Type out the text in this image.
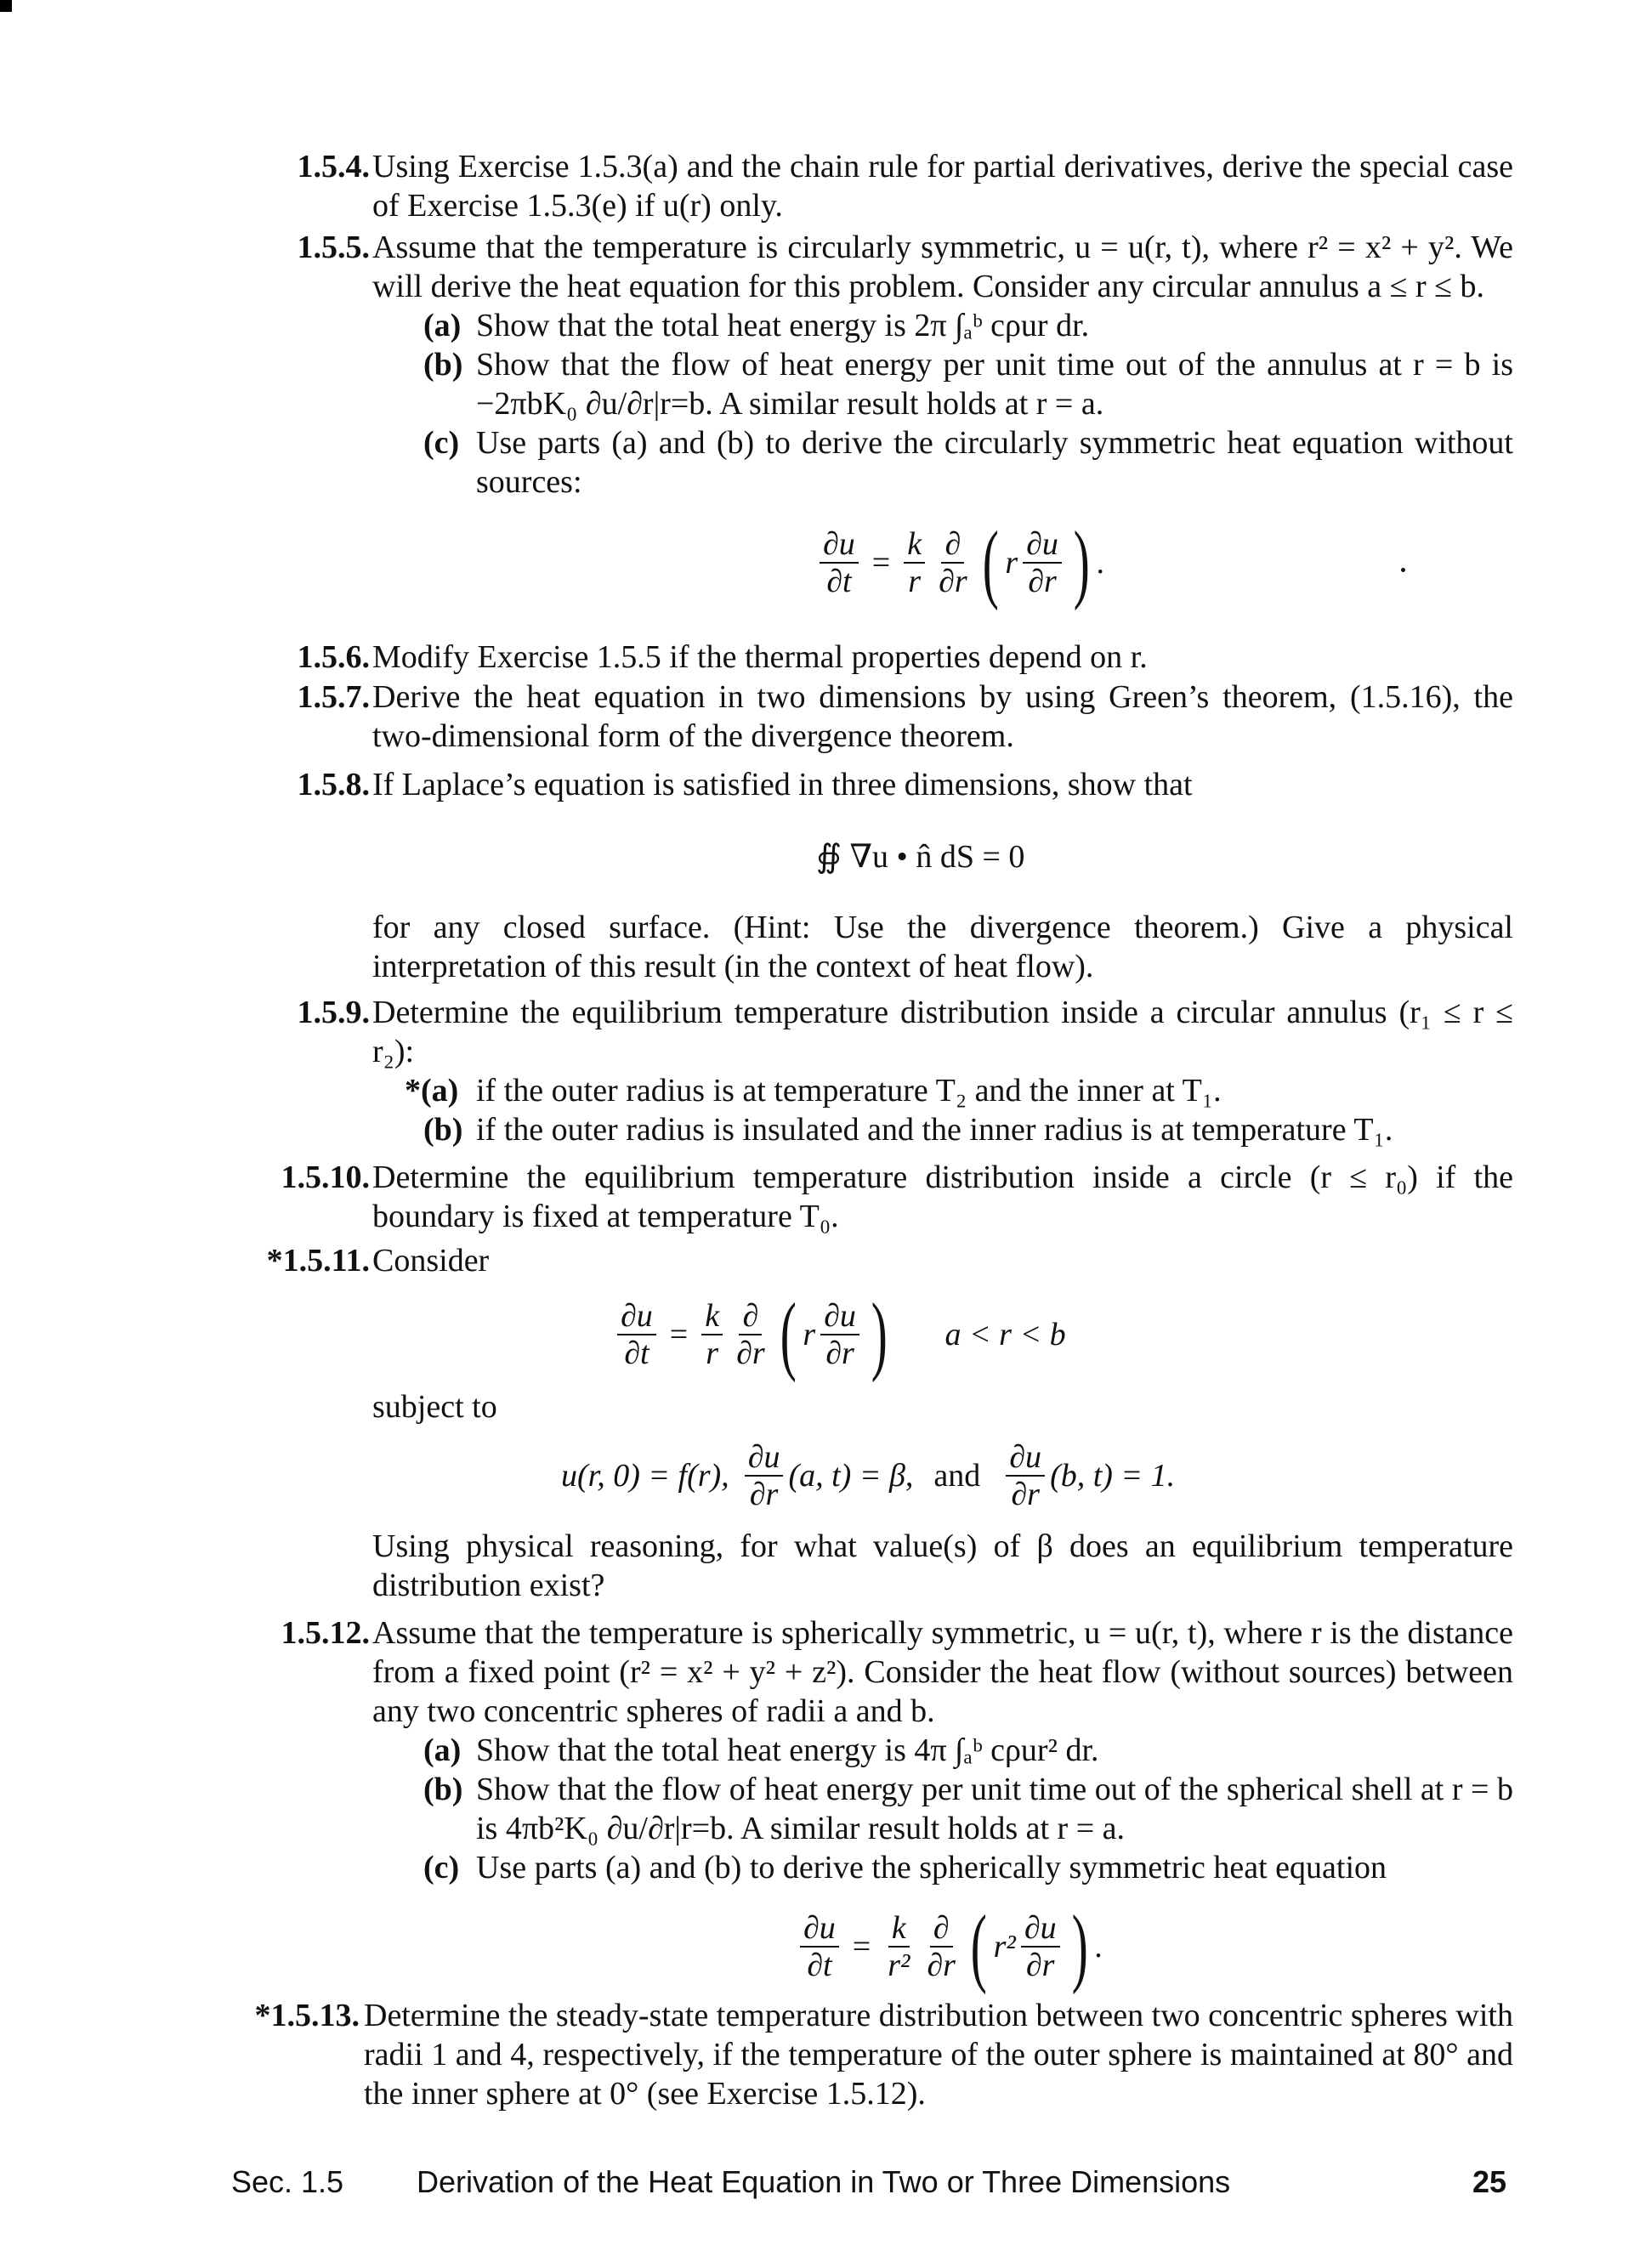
1.5.4. Using Exercise 1.5.3(a) and the chain rule for partial derivatives, derive the special case of Exercise 1.5.3(e) if u(r) only.

1.5.5. Assume that the temperature is circularly symmetric, u = u(r, t), where r² = x² + y². We will derive the heat equation for this problem. Consider any circular annulus a ≤ r ≤ b.

(a) Show that the total heat energy is 2π ∫ₐᵇ cρur dr.
(b) Show that the flow of heat energy per unit time out of the annulus at r = b is −2πbK₀ ∂u/∂r|r=b. A similar result holds at r = a.
(c) Use parts (a) and (b) to derive the circularly symmetric heat equation without sources:
$\frac{\partial u}{\partial t} = \frac{k}{r} \frac{\partial}{\partial r}$ ( r $\frac{\partial u}{\partial r}$ ) .
1.5.6. Modify Exercise 1.5.5 if the thermal properties depend on r.

1.5.7. Derive the heat equation in two dimensions by using Green’s theorem, (1.5.16), the two-dimensional form of the divergence theorem.

1.5.8. If Laplace’s equation is satisfied in three dimensions, show that

∯ ∇u • n̂ dS = 0

for any closed surface. (Hint: Use the divergence theorem.) Give a physical interpretation of this result (in the context of heat flow).

1.5.9. Determine the equilibrium temperature distribution inside a circular annulus (r₁ ≤ r ≤ r₂):

*(a) if the outer radius is at temperature T₂ and the inner at T₁.
(b) if the outer radius is insulated and the inner radius is at temperature T₁.
1.5.10. Determine the equilibrium temperature distribution inside a circle (r ≤ r₀) if the boundary is fixed at temperature T₀.

*1.5.11. Consider

$\frac{\partial u}{\partial t} = \frac{k}{r} \frac{\partial}{\partial r}$ ( r $\frac{\partial u}{\partial r}$ ) a < r < b

subject to

u(r, 0) = f(r), $\frac{\partial u}{\partial r} (a$, t) = β, and $\frac{\partial u}{\partial r} (b$, t) = 1.

Using physical reasoning, for what value(s) of β does an equilibrium temperature distribution exist?

1.5.12. Assume that the temperature is spherically symmetric, u = u(r, t), where r is the distance from a fixed point (r² = x² + y² + z²). Consider the heat flow (without sources) between any two concentric spheres of radii a and b.

(a) Show that the total heat energy is 4π ∫ₐᵇ cρur² dr.
(b) Show that the flow of heat energy per unit time out of the spherical shell at r = b is 4πb²K₀ ∂u/∂r|r=b. A similar result holds at r = a.
(c) Use parts (a) and (b) to derive the spherically symmetric heat equation
$\frac{\partial u}{\partial t} = \frac{k}{\text{r²}} \frac{\partial}{\partial r}$ ( $r^2 \frac{\partial u}{\partial r}$ ) .
*1.5.13. Determine the steady-state temperature distribution between two concentric spheres with radii 1 and 4, respectively, if the temperature of the outer sphere is maintained at 80° and the inner sphere at 0° (see Exercise 1.5.12).

Sec. 1.5 Derivation of the Heat Equation in Two or Three Dimensions	25
